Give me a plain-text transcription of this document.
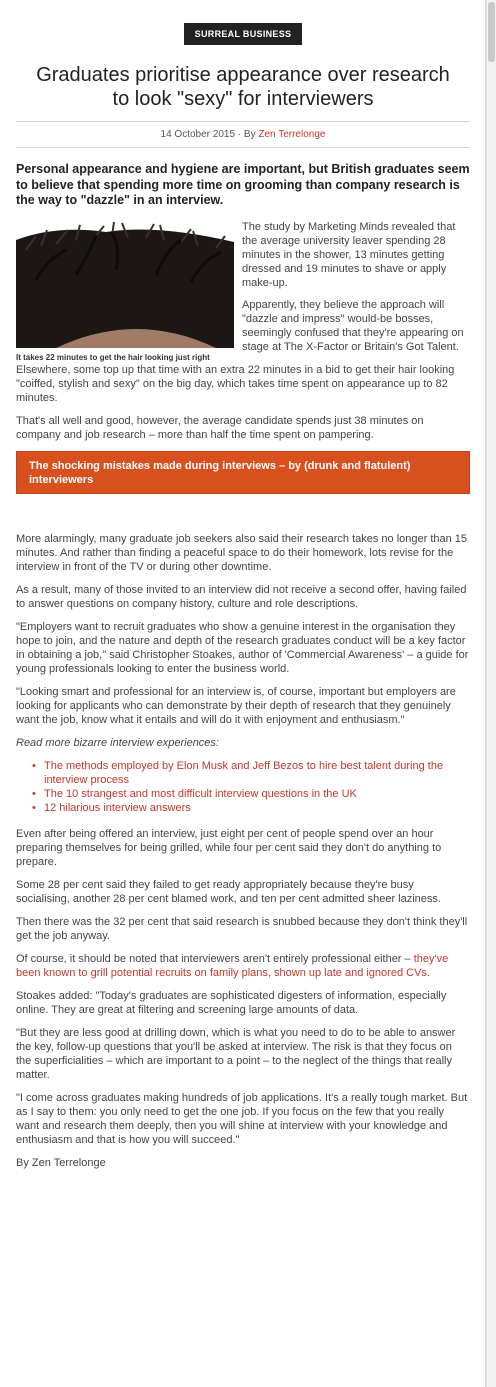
SURREAL BUSINESS
Graduates prioritise appearance over research to look "sexy" for interviewers
14 October 2015 · By Zen Terrelonge

Personal appearance and hygiene are important, but British graduates seem to believe that spending more time on grooming than company research is the way to "dazzle" in an interview.

It takes 22 minutes to get the hair looking just right

The study by Marketing Minds revealed that the average university leaver spending 28 minutes in the shower, 13 minutes getting dressed and 19 minutes to shave or apply make-up.

Apparently, they believe the approach will "dazzle and impress" would-be bosses, seemingly confused that they're appearing on stage at The X-Factor or Britain's Got Talent.

Elsewhere, some top up that time with an extra 22 minutes in a bid to get their hair looking "coiffed, stylish and sexy" on the big day, which takes time spent on appearance up to 82 minutes.

That's all well and good, however, the average candidate spends just 38 minutes on company and job research – more than half the time spent on pampering.

The shocking mistakes made during interviews – by (drunk and flatulent) interviewers

More alarmingly, many graduate job seekers also said their research takes no longer than 15 minutes. And rather than finding a peaceful space to do their homework, lots revise for the interview in front of the TV or during other downtime.

As a result, many of those invited to an interview did not receive a second offer, having failed to answer questions on company history, culture and role descriptions.

"Employers want to recruit graduates who show a genuine interest in the organisation they hope to join, and the nature and depth of the research graduates conduct will be a key factor in obtaining a job," said Christopher Stoakes, author of 'Commercial Awareness' – a guide for young professionals looking to enter the business world.

"Looking smart and professional for an interview is, of course, important but employers are looking for applicants who can demonstrate by their depth of research that they genuinely want the job, know what it entails and will do it with enjoyment and enthusiasm."

Read more bizarre interview experiences:

• The methods employed by Elon Musk and Jeff Bezos to hire best talent during the interview process
• The 10 strangest and most difficult interview questions in the UK
• 12 hilarious interview answers

Even after being offered an interview, just eight per cent of people spend over an hour preparing themselves for being grilled, while four per cent said they don't do anything to prepare.

Some 28 per cent said they failed to get ready appropriately because they're busy socialising, another 28 per cent blamed work, and ten per cent admitted sheer laziness.

Then there was the 32 per cent that said research is snubbed because they don't think they'll get the job anyway.

Of course, it should be noted that interviewers aren't entirely professional either – they've been known to grill potential recruits on family plans, shown up late and ignored CVs.

Stoakes added: "Today's graduates are sophisticated digesters of information, especially online. They are great at filtering and screening large amounts of data.

"But they are less good at drilling down, which is what you need to do to be able to answer the key, follow-up questions that you'll be asked at interview. The risk is that they focus on the superficialities – which are important to a point – to the neglect of the things that really matter.

"I come across graduates making hundreds of job applications. It's a really tough market. But as I say to them: you only need to get the one job. If you focus on the few that you really want and research them deeply, then you will shine at interview with your knowledge and enthusiasm and that is how you will succeed."

By Zen Terrelonge
